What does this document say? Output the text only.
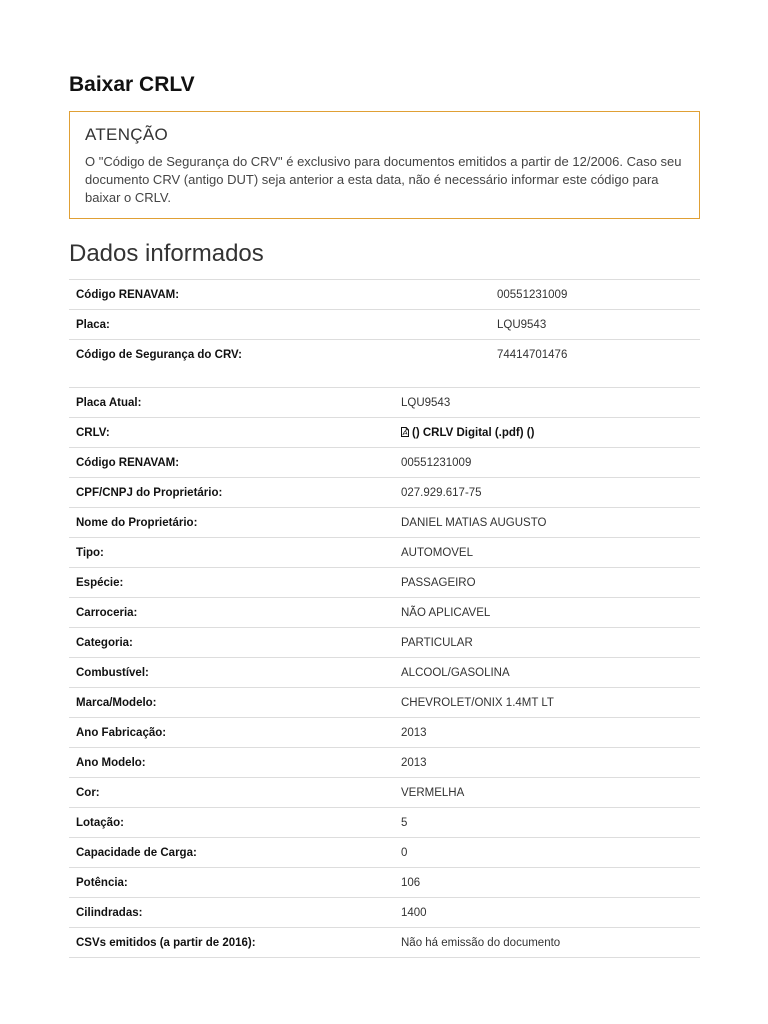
Baixar CRLV
ATENÇÃO
O "Código de Segurança do CRV" é exclusivo para documentos emitidos a partir de 12/2006. Caso seu documento CRV (antigo DUT) seja anterior a esta data, não é necessário informar este código para baixar o CRLV.
Dados informados
Código RENAVAM:	00551231009
Placa:	LQU9543
Código de Segurança do CRV:	74414701476
Placa Atual:	LQU9543
CRLV:	() CRLV Digital (.pdf) ()
Código RENAVAM:	00551231009
CPF/CNPJ do Proprietário:	027.929.617-75
Nome do Proprietário:	DANIEL MATIAS AUGUSTO
Tipo:	AUTOMOVEL
Espécie:	PASSAGEIRO
Carroceria:	NÃO APLICAVEL
Categoria:	PARTICULAR
Combustível:	ALCOOL/GASOLINA
Marca/Modelo:	CHEVROLET/ONIX 1.4MT LT
Ano Fabricação:	2013
Ano Modelo:	2013
Cor:	VERMELHA
Lotação:	5
Capacidade de Carga:	0
Potência:	106
Cilindradas:	1400
CSVs emitidos (a partir de 2016):	Não há emissão do documento
